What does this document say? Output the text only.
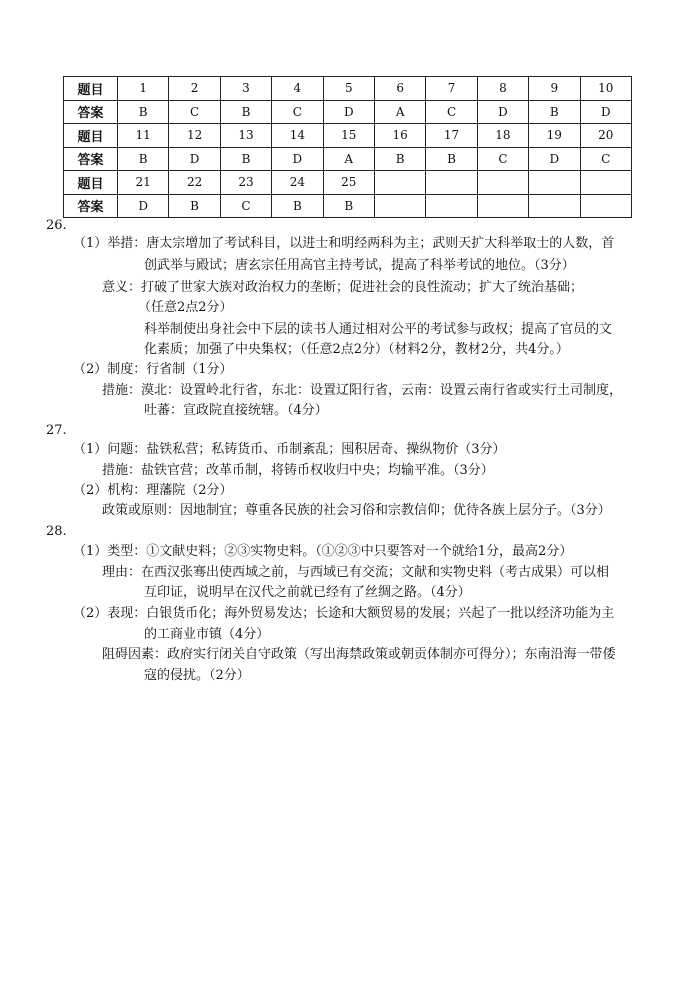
题目	1	2	3	4	5	6	7	8	9	10
答案	B	C	B	C	D	A	C	D	B	D
题目	11	12	13	14	15	16	17	18	19	20
答案	B	D	B	D	A	B	B	C	D	C
题目	21	22	23	24	25					
答案	D	B	C	B	B					
26.
（1）举措：唐太宗增加了考试科目，以进士和明经两科为主；武则天扩大科举取士的人数，首
创武举与殿试；唐玄宗任用高官主持考试，提高了科举考试的地位。（3分）
意义：打破了世家大族对政治权力的垄断；促进社会的良性流动；扩大了统治基础；
（任意2点2分）
科举制使出身社会中下层的读书人通过相对公平的考试参与政权；提高了官员的文
化素质；加强了中央集权；（任意2点2分）（材料2分，教材2分，共4分。）
（2）制度：行省制（1分）
措施：漠北：设置岭北行省，东北：设置辽阳行省，云南：设置云南行省或实行土司制度，
吐蕃：宣政院直接统辖。（4分）
27.
（1）问题：盐铁私营；私铸货币、币制紊乱；囤积居奇、操纵物价（3分）
措施：盐铁官营；改革币制，将铸币权收归中央；均输平准。（3分）
（2）机构：理藩院（2分）
政策或原则：因地制宜；尊重各民族的社会习俗和宗教信仰；优待各族上层分子。（3分）
28.
（1）类型：①文献史料；②③实物史料。（①②③中只要答对一个就给1分，最高2分）
理由：在西汉张骞出使西域之前，与西域已有交流；文献和实物史料（考古成果）可以相
互印证，说明早在汉代之前就已经有了丝绸之路。（4分）
（2）表现：白银货币化；海外贸易发达；长途和大额贸易的发展；兴起了一批以经济功能为主
的工商业市镇（4分）
阻碍因素：政府实行闭关自守政策（写出海禁政策或朝贡体制亦可得分）；东南沿海一带倭
寇的侵扰。（2分）
